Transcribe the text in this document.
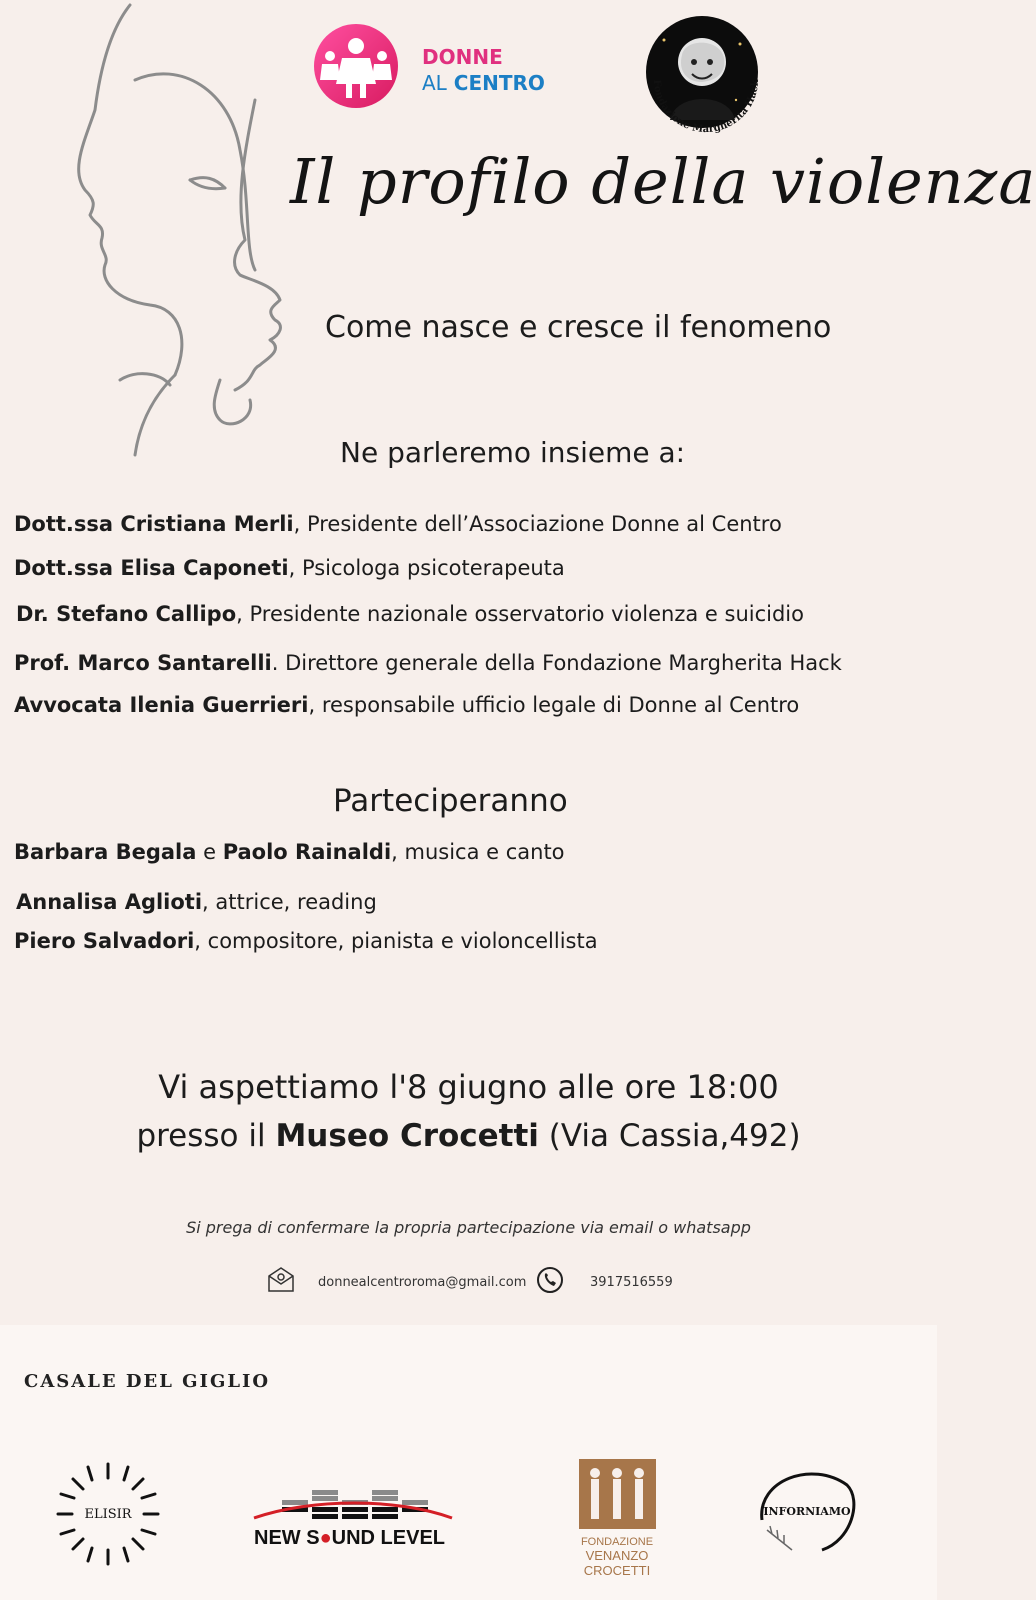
DONNE
AL CENTRO	Fondazione Margherita Hack
Il profilo della violenza
Come nasce e cresce il fenomeno
Ne parleremo insieme a:
Dott.ssa Cristiana Merli, Presidente dell’Associazione Donne al Centro
Dott.ssa Elisa Caponeti, Psicologa psicoterapeuta
Dr. Stefano Callipo, Presidente nazionale osservatorio violenza e suicidio
Prof. Marco Santarelli. Direttore generale della Fondazione Margherita Hack
Avvocata Ilenia Guerrieri, responsabile ufficio legale di Donne al Centro
Parteciperanno
Barbara Begala e Paolo Rainaldi, musica e canto
Annalisa Aglioti, attrice, reading
Piero Salvadori, compositore, pianista e violoncellista
Vi aspettiamo l'8 giugno alle ore 18:00
presso il Museo Crocetti (Via Cassia,492)
Si prega di confermare la propria partecipazione via email o whatsapp
donnealcentroroma@gmail.com	3917516559
CASALE DEL GIGLIO
ELISIR
NEW S●UND LEVEL	FONDAZIONE
VENANZO
CROCETTI
INFORNIAMO
